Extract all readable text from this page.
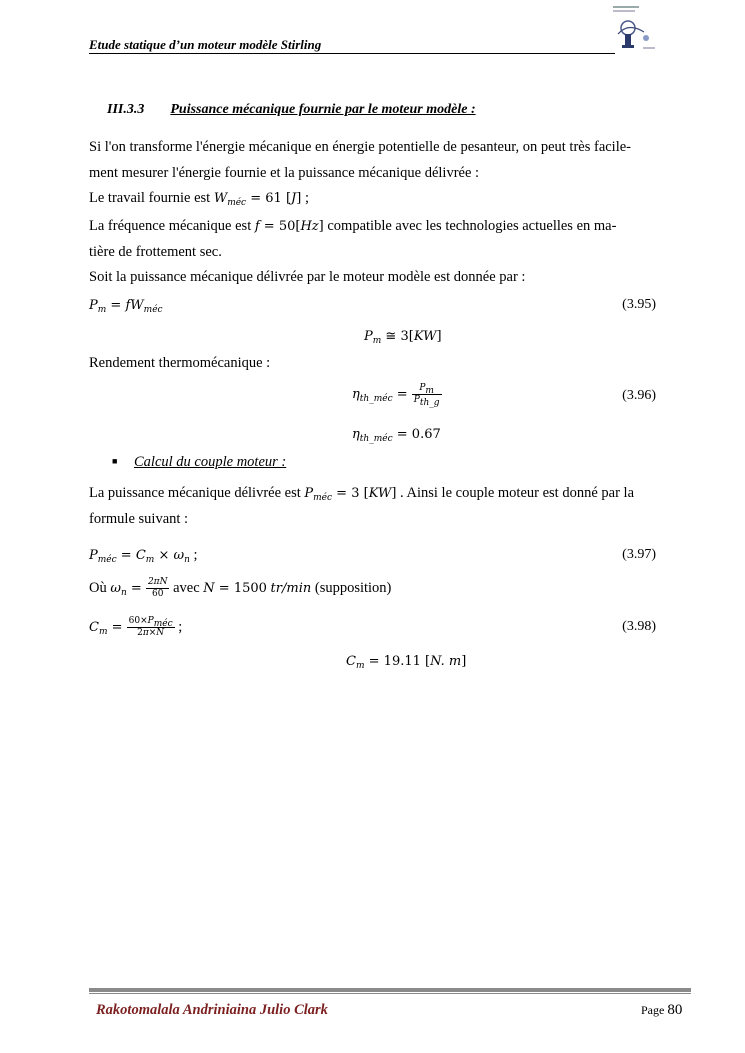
Etude statique d’un moteur modèle Stirling
III.3.3 Puissance mécanique fournie par le moteur modèle :
Si l'on transforme l'énergie mécanique en énergie potentielle de pesanteur, on peut très facile-
ment mesurer l'énergie fournie et la puissance mécanique délivrée :
Le travail fournie est $W_{méc} = 61$ [J] ;
La fréquence mécanique est f = 50[Hz] compatible avec les technologies actuelles en ma-
tière de frottement sec.
Soit la puissance mécanique délivrée par le moteur modèle est donnée par :
$P_m = fW_{méc}$	(3.95)
$P_m$ ≅ 3[KW]
Rendement thermomécanique :
$\eta_{th\_méc} = \frac{P_m}{P_{th\_g}}$	(3.96)
$\eta_{th\_méc} = 0.67$
■ Calcul du couple moteur :
La puissance mécanique délivrée est $P_{méc} = 3$ [KW] . Ainsi le couple moteur est donné par la
formule suivant :
$P_{méc} = C_m \times \omega_n$ ;	(3.97)
Où $\omega_n = \frac{2\pi N}{60}$ avec N = 1500 tr/min (supposition)
$C_m = \frac{60\times P_{méc}}{2\pi\times N}$ ;	(3.98)
$C_m = 19.11$ [N. m]
Rakotomalala Andriniaina Julio Clark	Page 80
